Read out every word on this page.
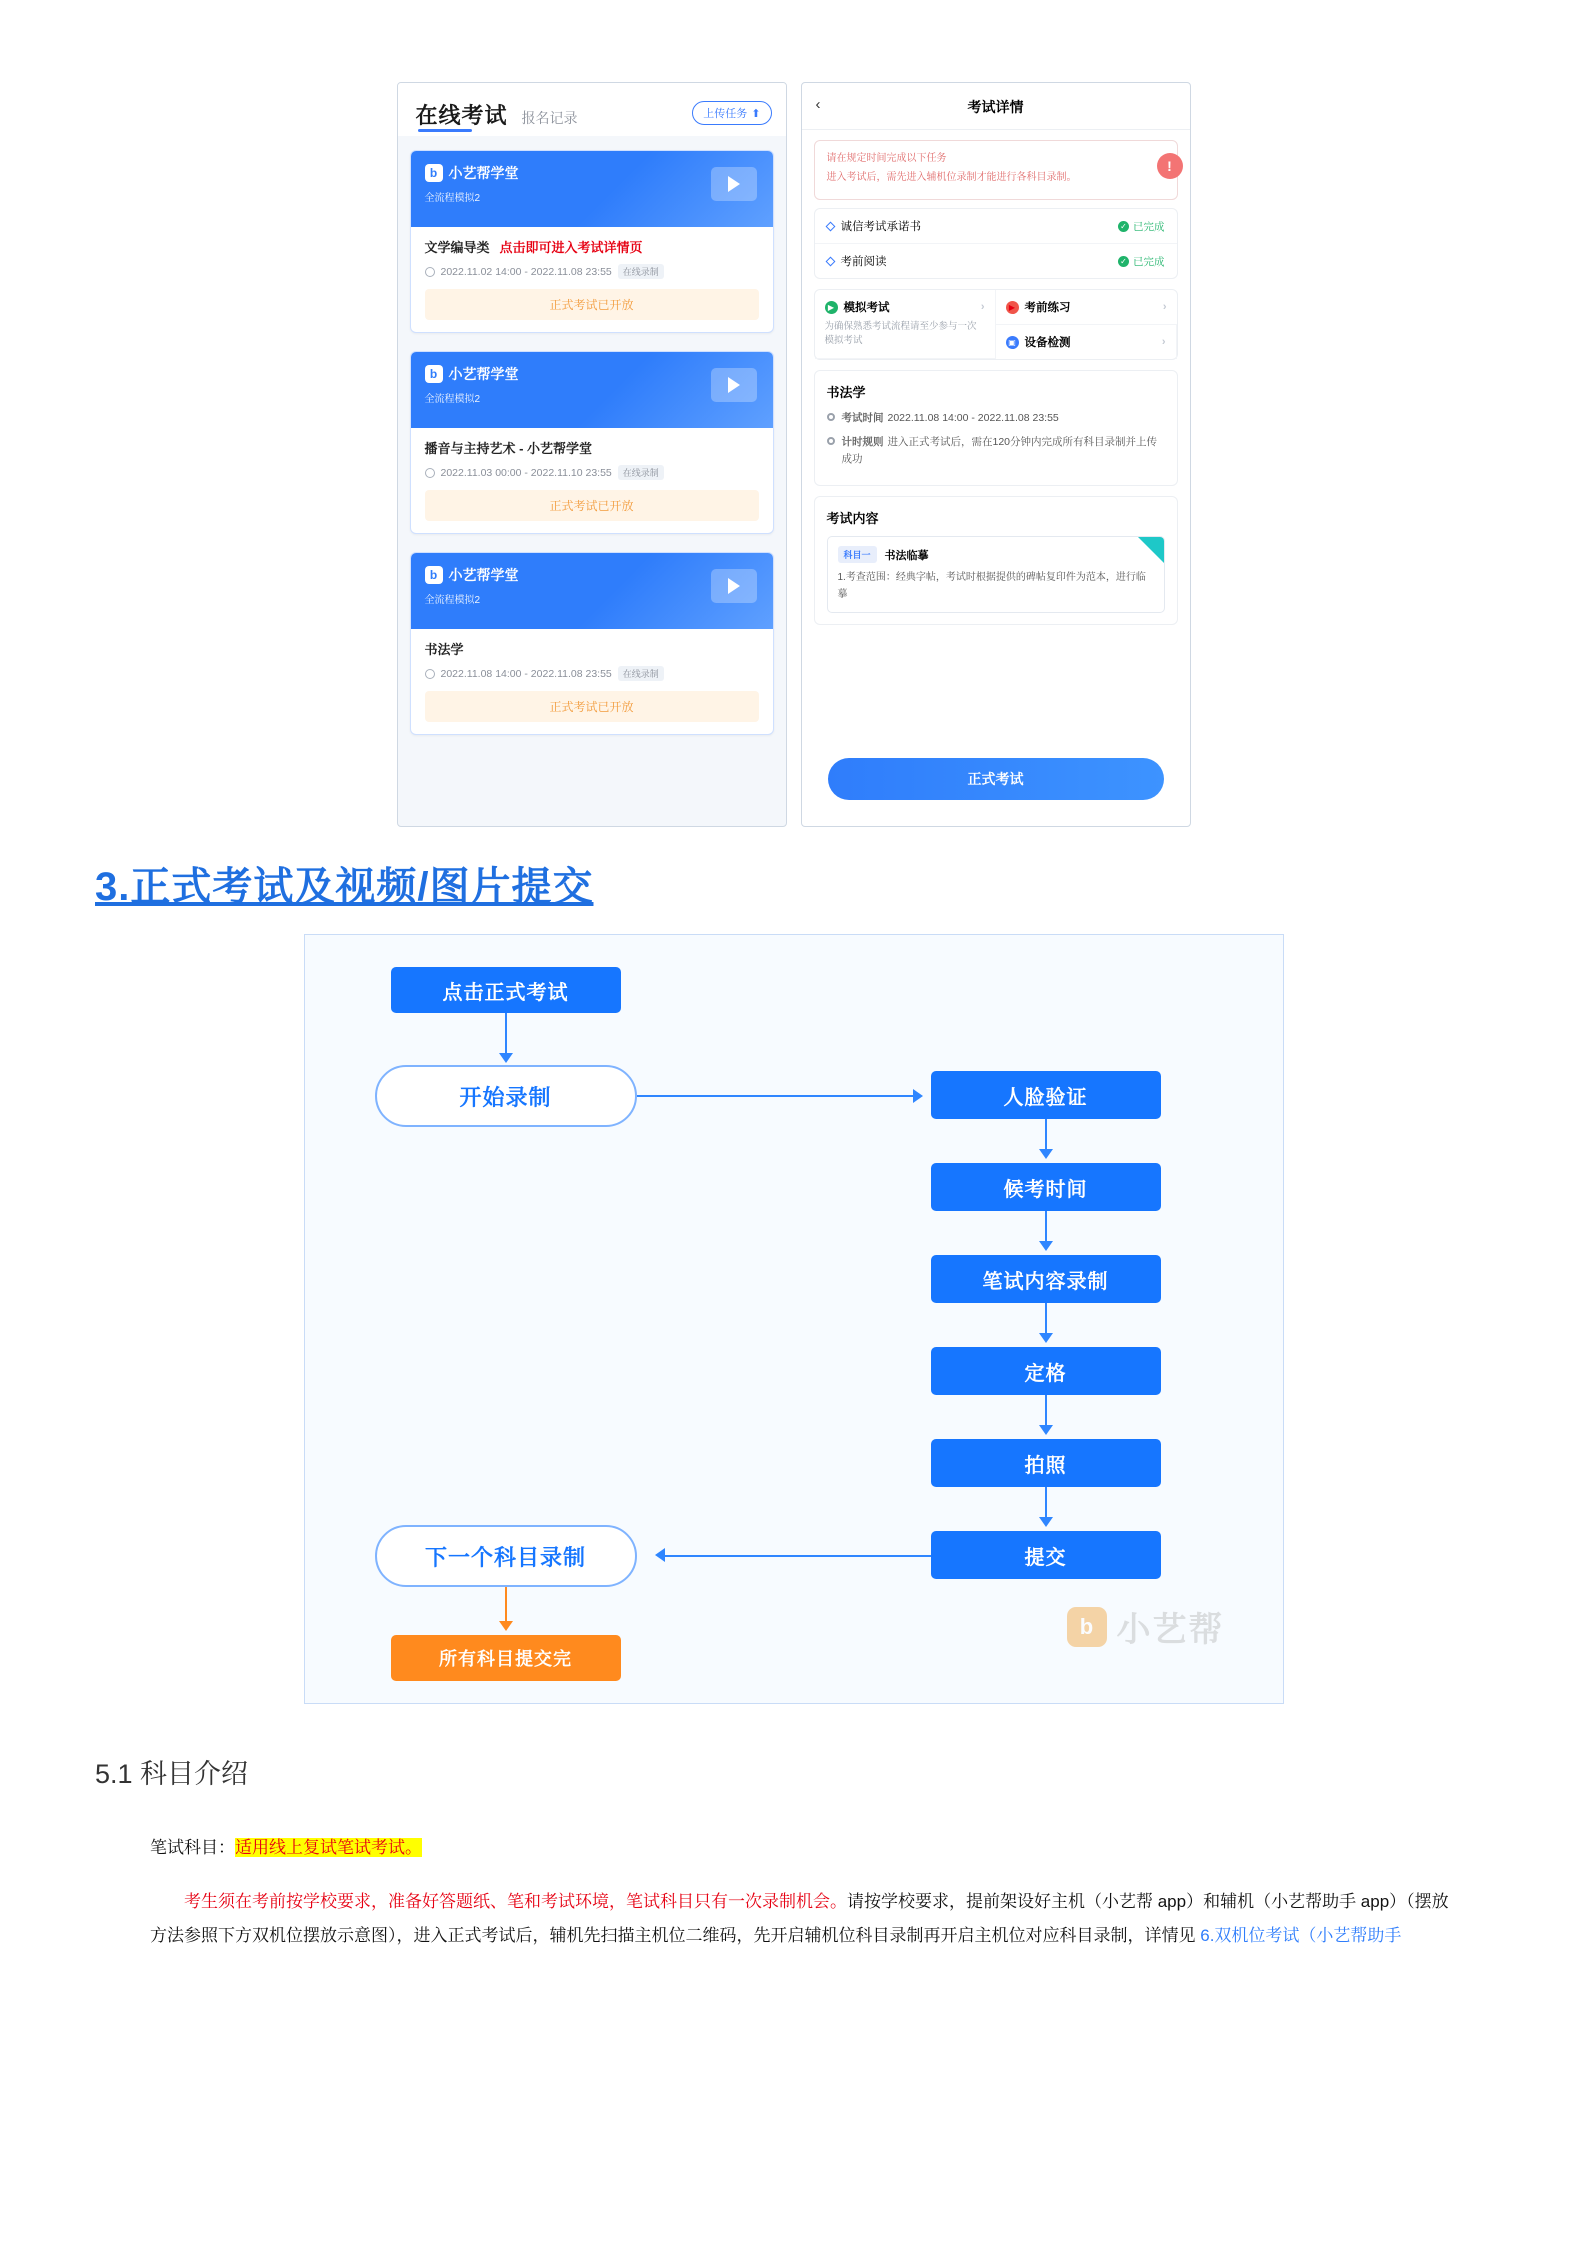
在线考试 报名记录	上传任务 ⬆
b 小艺帮学堂
全流程模拟2
文学编导类 点击即可进入考试详情页
2022.11.02 14:00 - 2022.11.08 23:55	在线录制
正式考试已开放
b 小艺帮学堂
全流程模拟2
播音与主持艺术 - 小艺帮学堂
2022.11.03 00:00 - 2022.11.10 23:55	在线录制
正式考试已开放
b 小艺帮学堂
全流程模拟2
书法学
2022.11.08 14:00 - 2022.11.08 23:55	在线录制
正式考试已开放
‹	考试详情

请在规定时间完成以下任务

进入考试后，需先进入辅机位录制才能进行各科目录制。

!
诚信考试承诺书	✓ 已完成
考前阅读	✓ 已完成
▶ 模拟考试	›
为确保熟悉考试流程请至少参与一次模拟考试
▶ 考前练习	›
▣ 设备检测	›
书法学
考试时间 2022.11.08 14:00 - 2022.11.08 23:55
计时规则 进入正式考试后，需在120分钟内完成所有科目录制并上传成功
考试内容
科目一	书法临摹
1.考查范围：经典字帖，考试时根据提供的碑帖复印件为范本，进行临摹
正式考试
3.正式考试及视频/图片提交
点击正式考试
开始录制	人脸验证
候考时间
笔试内容录制
定格
拍照
提交
下一个科目录制
所有科目提交完
b 小艺帮
5.1 科目介绍
笔试科目：适用线上复试笔试考试。
考生须在考前按学校要求，准备好答题纸、笔和考试环境，笔试科目只有一次录制机会。请按学校要求，提前架设好主机（小艺帮 app）和辅机（小艺帮助手 app）（摆放方法参照下方双机位摆放示意图），进入正式考试后，辅机先扫描主机位二维码，先开启辅机位科目录制再开启主机位对应科目录制，详情见 6.双机位考试（小艺帮助手
